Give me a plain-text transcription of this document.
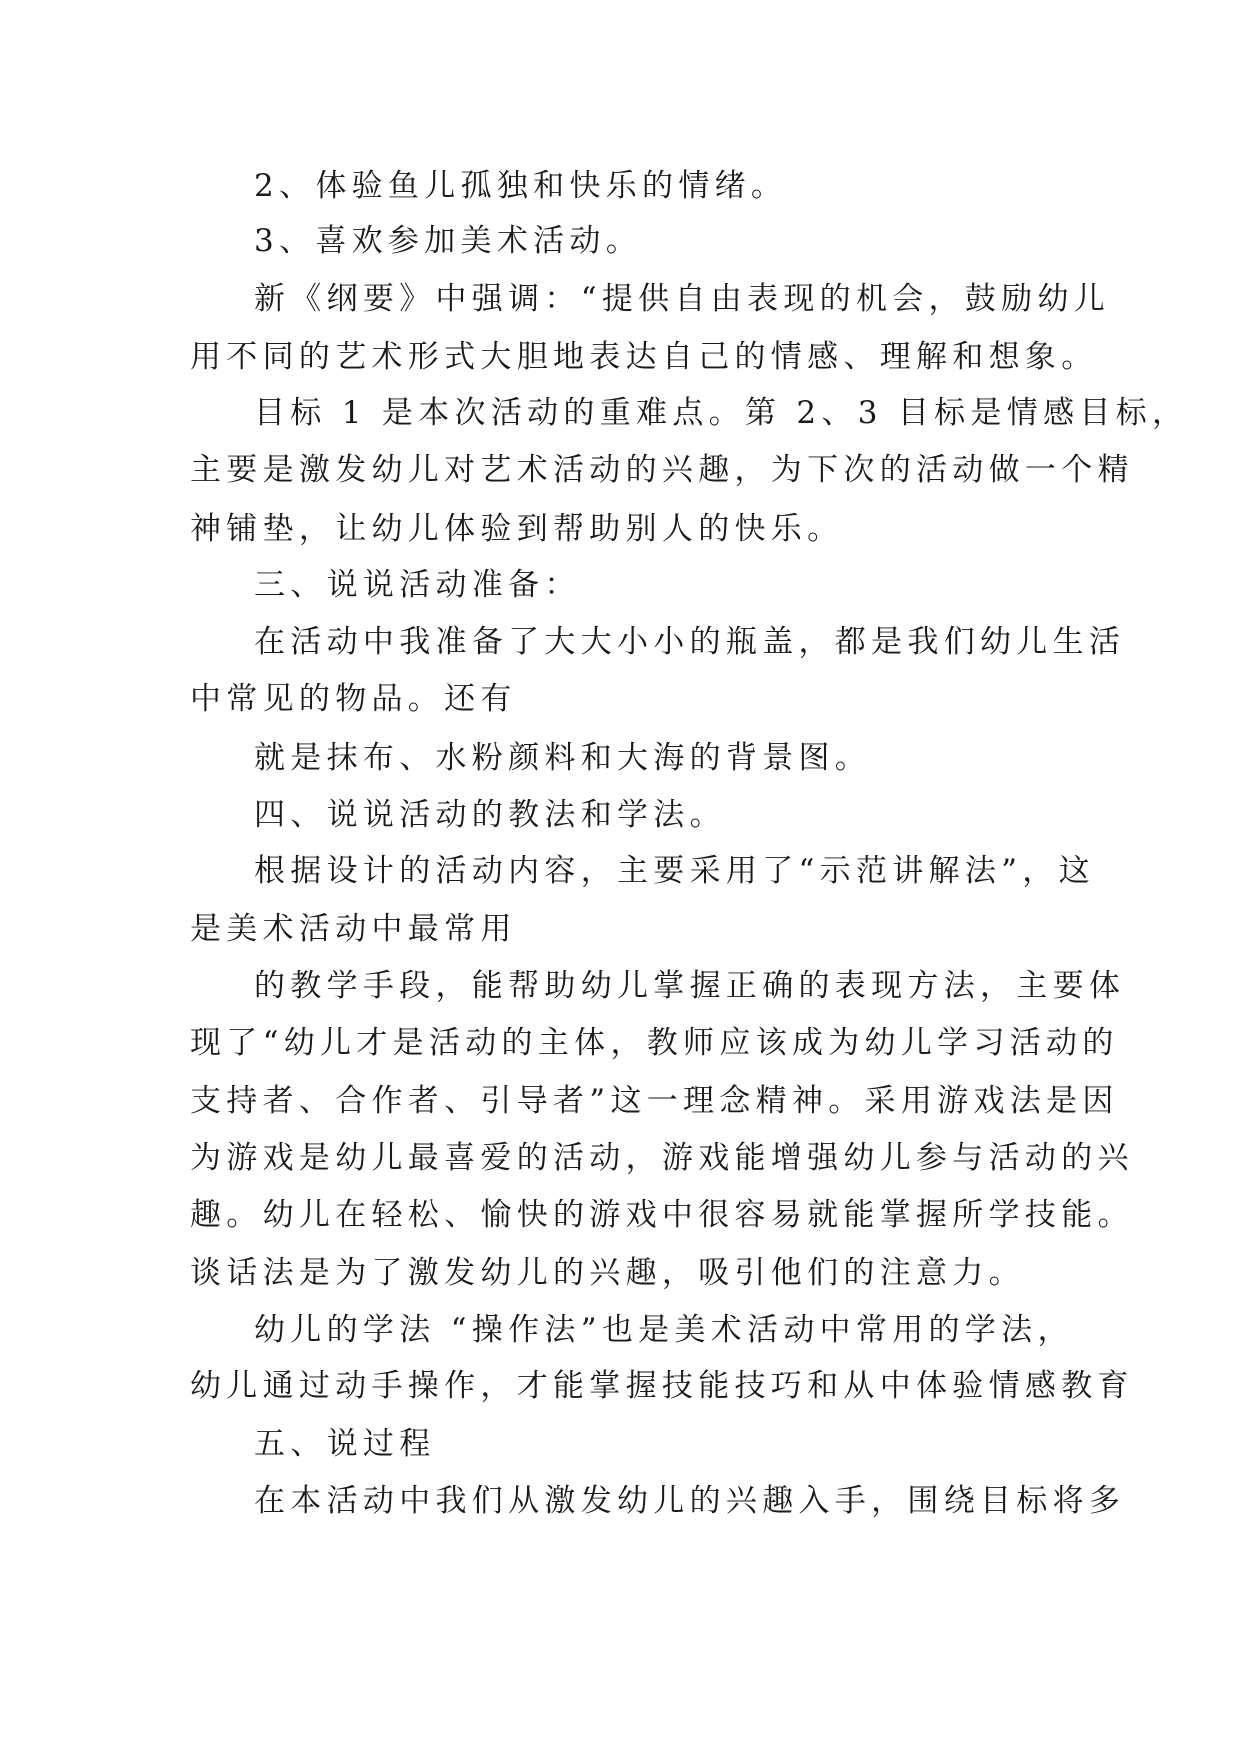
2、体验鱼儿孤独和快乐的情绪。
3、喜欢参加美术活动。
新《纲要》中强调：“提供自由表现的机会，鼓励幼儿
用不同的艺术形式大胆地表达自己的情感、理解和想象。
目标 1 是本次活动的重难点。第 2、3 目标是情感目标，
主要是激发幼儿对艺术活动的兴趣，为下次的活动做一个精
神铺垫，让幼儿体验到帮助别人的快乐。
三、说说活动准备：
在活动中我准备了大大小小的瓶盖，都是我们幼儿生活
中常见的物品。还有
就是抹布、水粉颜料和大海的背景图。
四、说说活动的教法和学法。
根据设计的活动内容，主要采用了“示范讲解法”，这
是美术活动中最常用
的教学手段，能帮助幼儿掌握正确的表现方法，主要体
现了“幼儿才是活动的主体，教师应该成为幼儿学习活动的
支持者、合作者、引导者”这一理念精神。采用游戏法是因
为游戏是幼儿最喜爱的活动，游戏能增强幼儿参与活动的兴
趣。幼儿在轻松、愉快的游戏中很容易就能掌握所学技能。
谈话法是为了激发幼儿的兴趣，吸引他们的注意力。
幼儿的学法 “操作法”也是美术活动中常用的学法，
幼儿通过动手操作，才能掌握技能技巧和从中体验情感教育
五、说过程
在本活动中我们从激发幼儿的兴趣入手，围绕目标将多
